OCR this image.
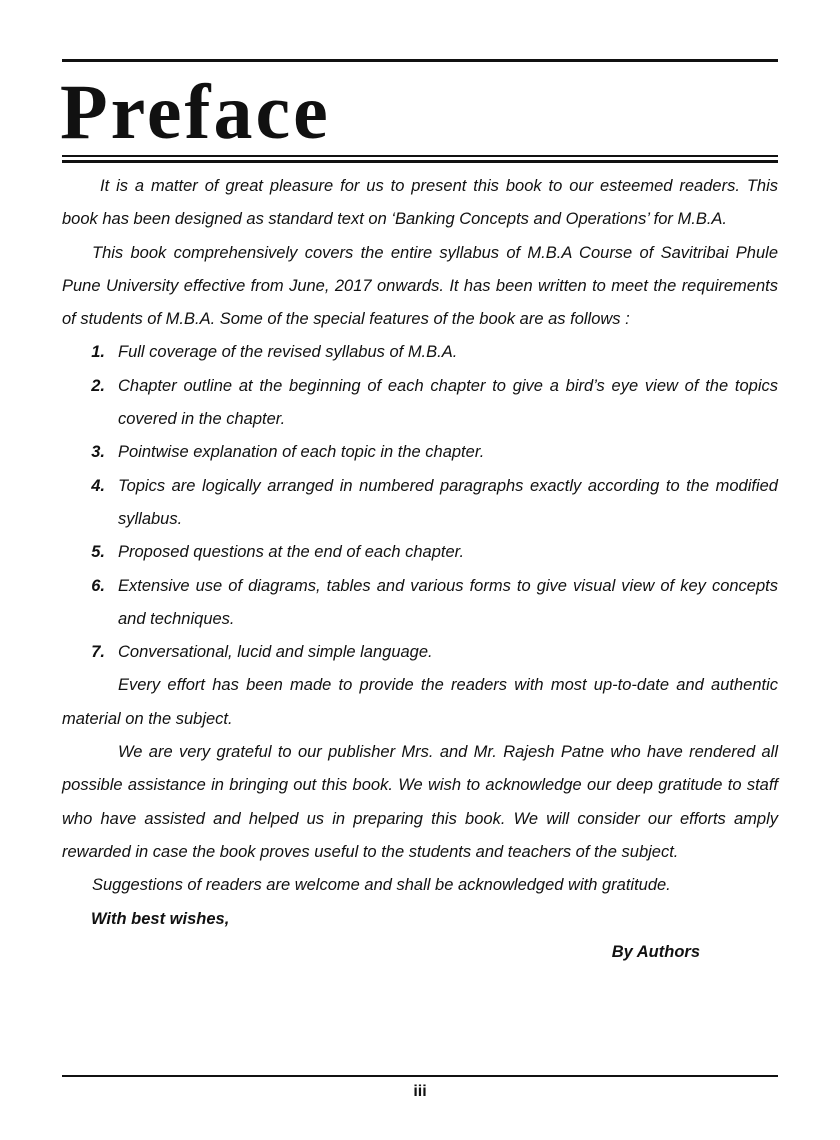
Preface

It is a matter of great pleasure for us to present this book to our esteemed readers. This book has been designed as standard text on ‘Banking Concepts and Operations’ for M.B.A.

This book comprehensively covers the entire syllabus of M.B.A Course of Savitribai Phule Pune University effective from June, 2017 onwards. It has been written to meet the requirements of students of M.B.A. Some of the special features of the book are as follows :

1. Full coverage of the revised syllabus of M.B.A.
2. Chapter outline at the beginning of each chapter to give a bird’s eye view of the topics covered in the chapter.
3. Pointwise explanation of each topic in the chapter.
4. Topics are logically arranged in numbered paragraphs exactly according to the modified syllabus.
5. Proposed questions at the end of each chapter.
6. Extensive use of diagrams, tables and various forms to give visual view of key concepts and techniques.
7. Conversational, lucid and simple language.

Every effort has been made to provide the readers with most up-to-date and authentic material on the subject.

We are very grateful to our publisher Mrs. and Mr. Rajesh Patne who have rendered all possible assistance in bringing out this book. We wish to acknowledge our deep gratitude to staff who have assisted and helped us in preparing this book. We will consider our efforts amply rewarded in case the book proves useful to the students and teachers of the subject.

Suggestions of readers are welcome and shall be acknowledged with gratitude.

With best wishes,

By Authors

iii
